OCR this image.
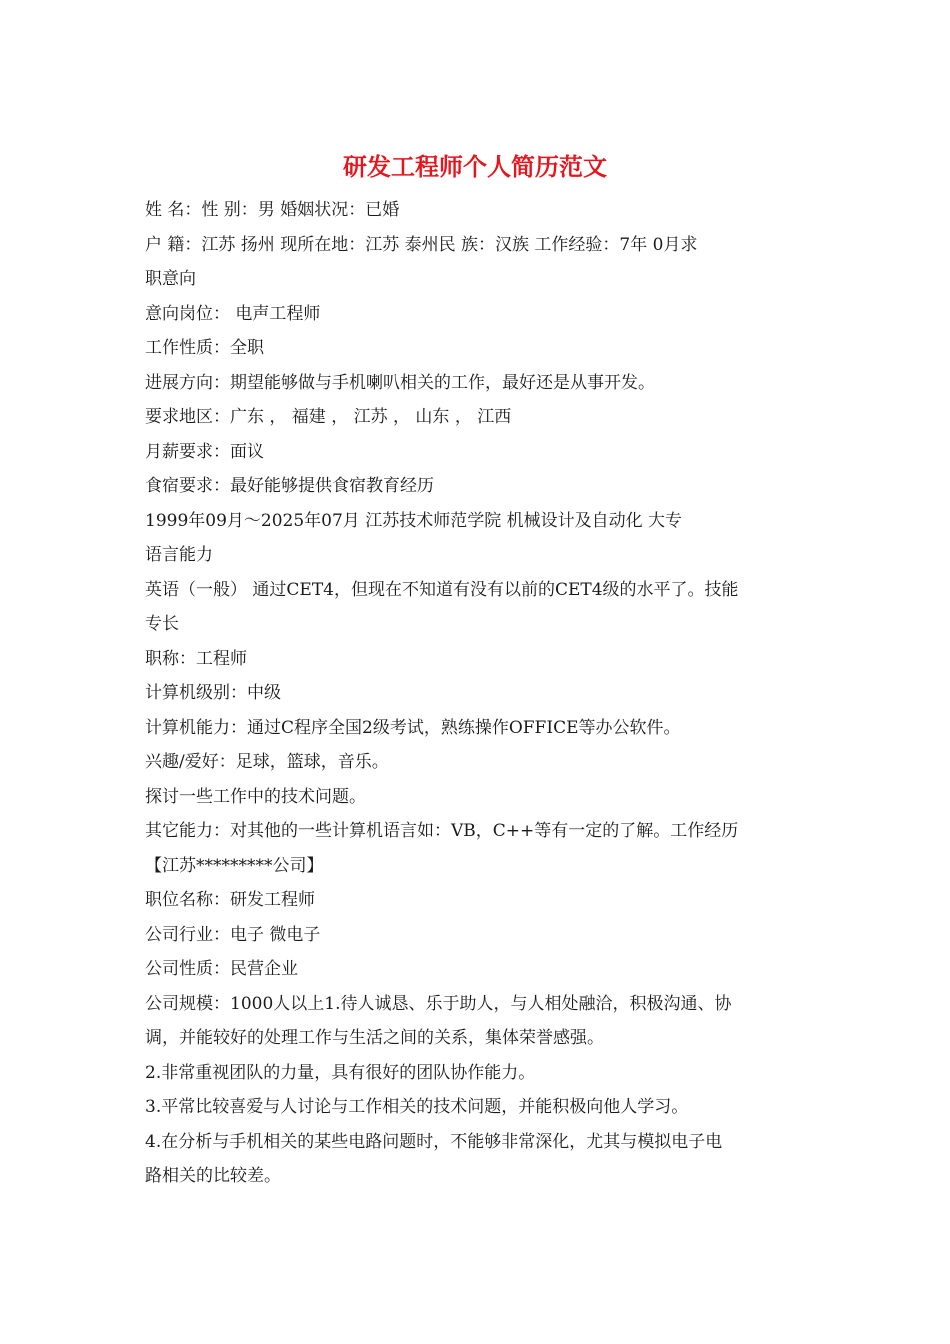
研发工程师个人简历范文
姓 名：性 别：男 婚姻状况：已婚
户 籍：江苏 扬州 现所在地：江苏 泰州民 族：汉族 工作经验：7年 0月求
职意向
意向岗位： 电声工程师
工作性质：全职
进展方向：期望能够做与手机喇叭相关的工作，最好还是从事开发。
要求地区：广东 ， 福建 ， 江苏 ， 山东 ， 江西
月薪要求：面议
食宿要求：最好能够提供食宿教育经历
1999年09月～2025年07月 江苏技术师范学院 机械设计及自动化 大专
语言能力
英语（一般） 通过CET4，但现在不知道有没有以前的CET4级的水平了。技能
专长
职称：工程师
计算机级别：中级
计算机能力：通过C程序全国2级考试，熟练操作OFFICE等办公软件。
兴趣/爱好：足球，篮球，音乐。
探讨一些工作中的技术问题。
其它能力：对其他的一些计算机语言如：VB，C++等有一定的了解。工作经历
【江苏*********公司】
职位名称：研发工程师
公司行业：电子 微电子
公司性质：民营企业
公司规模：1000人以上1.待人诚恳、乐于助人，与人相处融洽，积极沟通、协
调，并能较好的处理工作与生活之间的关系，集体荣誉感强。
2.非常重视团队的力量，具有很好的团队协作能力。
3.平常比较喜爱与人讨论与工作相关的技术问题，并能积极向他人学习。
4.在分析与手机相关的某些电路问题时，不能够非常深化，尤其与模拟电子电
路相关的比较差。
